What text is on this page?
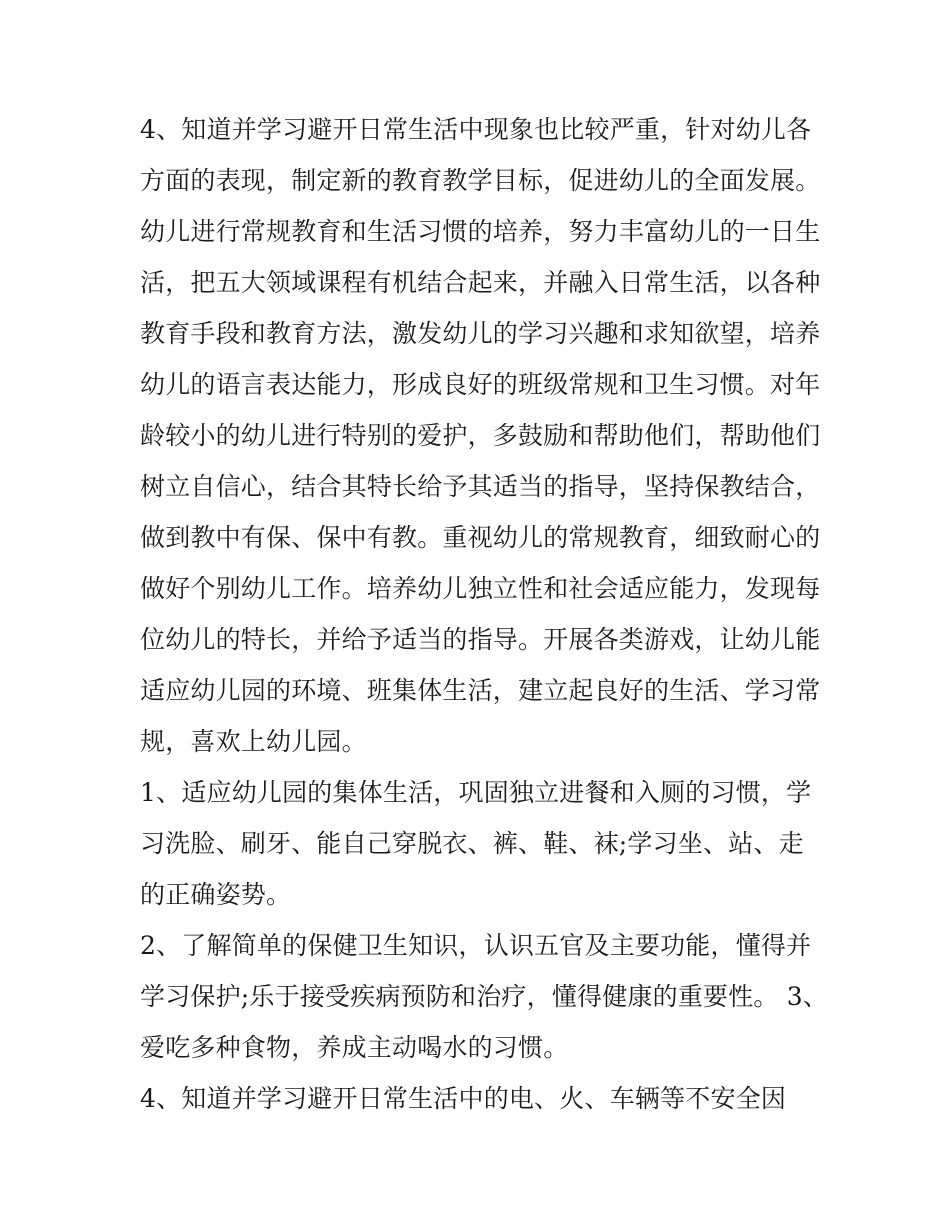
4、知道并学习避开日常生活中现象也比较严重，针对幼儿各
方面的表现，制定新的教育教学目标，促进幼儿的全面发展。
幼儿进行常规教育和生活习惯的培养，努力丰富幼儿的一日生
活，把五大领域课程有机结合起来，并融入日常生活，以各种
教育手段和教育方法，激发幼儿的学习兴趣和求知欲望，培养
幼儿的语言表达能力，形成良好的班级常规和卫生习惯。对年
龄较小的幼儿进行特别的爱护，多鼓励和帮助他们，帮助他们
树立自信心，结合其特长给予其适当的指导，坚持保教结合，
做到教中有保、保中有教。重视幼儿的常规教育，细致耐心的
做好个别幼儿工作。培养幼儿独立性和社会适应能力，发现每
位幼儿的特长，并给予适当的指导。开展各类游戏，让幼儿能
适应幼儿园的环境、班集体生活，建立起良好的生活、学习常
规，喜欢上幼儿园。
1、适应幼儿园的集体生活，巩固独立进餐和入厕的习惯，学
习洗脸、刷牙、能自己穿脱衣、裤、鞋、袜;学习坐、站、走
的正确姿势。
2、了解简单的保健卫生知识，认识五官及主要功能，懂得并
学习保护;乐于接受疾病预防和治疗，懂得健康的重要性。 3、
爱吃多种食物，养成主动喝水的习惯。
4、知道并学习避开日常生活中的电、火、车辆等不安全因
